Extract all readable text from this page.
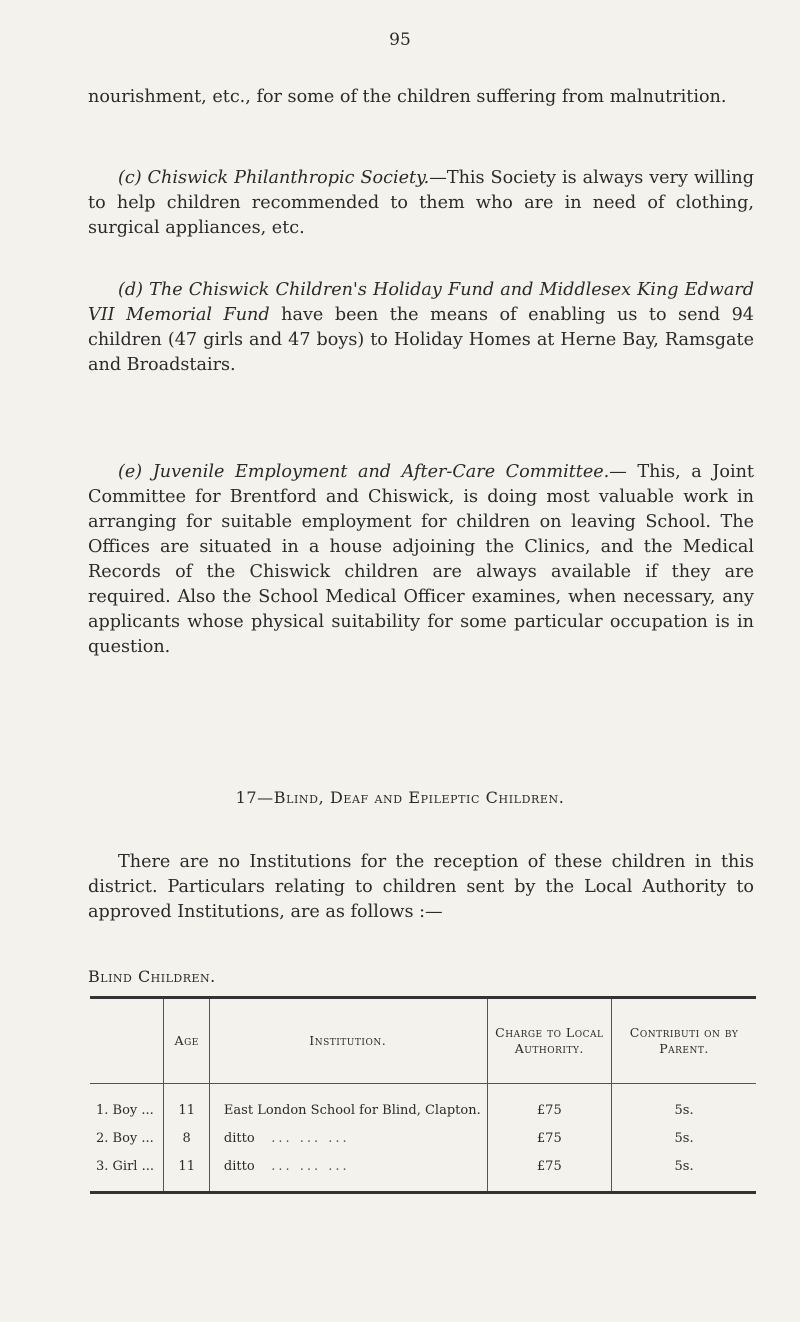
95

nourishment, etc., for some of the children suffering from malnutrition.

(c) Chiswick Philanthropic Society.—This Society is always very willing to help children recommended to them who are in need of clothing, surgical appliances, etc.

(d) The Chiswick Children's Holiday Fund and Middlesex King Edward VII Memorial Fund have been the means of enabling us to send 94 children (47 girls and 47 boys) to Holiday Homes at Herne Bay, Ramsgate and Broadstairs.

(e) Juvenile Employment and After-Care Committee.— This, a Joint Committee for Brentford and Chiswick, is doing most valuable work in arranging for suitable employment for children on leaving School. The Offices are situated in a house adjoining the Clinics, and the Medical Records of the Chiswick children are always available if they are required. Also the School Medical Officer examines, when necessary, any applicants whose physical suitability for some particular occupation is in question.

17—Blind, Deaf and Epileptic Children.

There are no Institutions for the reception of these children in this district. Particulars relating to children sent by the Local Authority to approved Institutions, are as follows :—

Blind Children.
	Age	Institution.	Charge to Local Authority.	Contributi on by Parent.
1. Boy ...	11	East London School for Blind, Clapton.	£75	5s.
2. Boy ...	8	ditto ... ... ...	£75	5s.
3. Girl ...	11	ditto ... ... ...	£75	5s.
